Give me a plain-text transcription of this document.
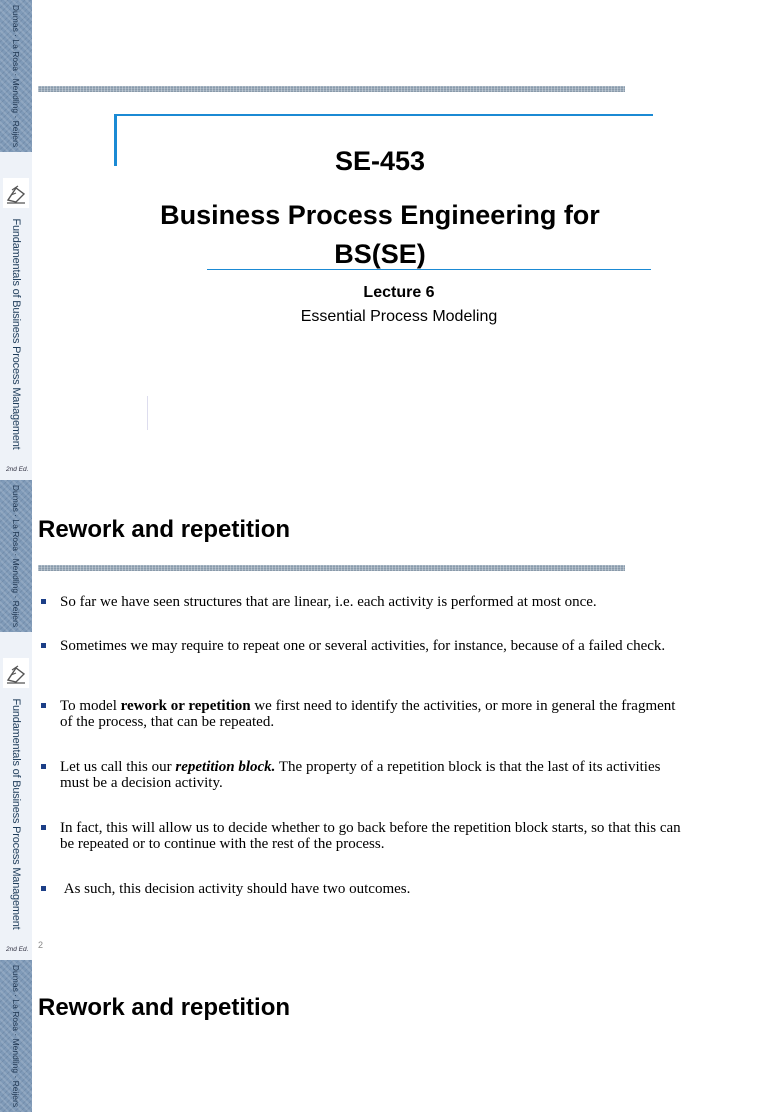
Dumas · La Rosa · Mendling · Reijers
Fundamentals of Business Process Management
2nd Ed.
SE-453
Business Process Engineering for BS(SE)
Lecture 6
Essential Process Modeling
Dumas · La Rosa · Mendling · Reijers
Fundamentals of Business Process Management
2nd Ed.
Rework and repetition
So far we have seen structures that are linear, i.e. each activity is performed at most once.
Sometimes we may require to repeat one or several activities, for instance, because of a failed check.
To model rework or repetition we first need to identify the activities, or more in general the fragment of the process, that can be repeated.
Let us call this our repetition block. The property of a repetition block is that the last of its activities must be a decision activity.
In fact, this will allow us to decide whether to go back before the repetition block starts, so that this can be repeated or to continue with the rest of the process.
As such, this decision activity should have two outcomes.
2
Dumas · La Rosa · Mendling · Reijers Rework and repetition
